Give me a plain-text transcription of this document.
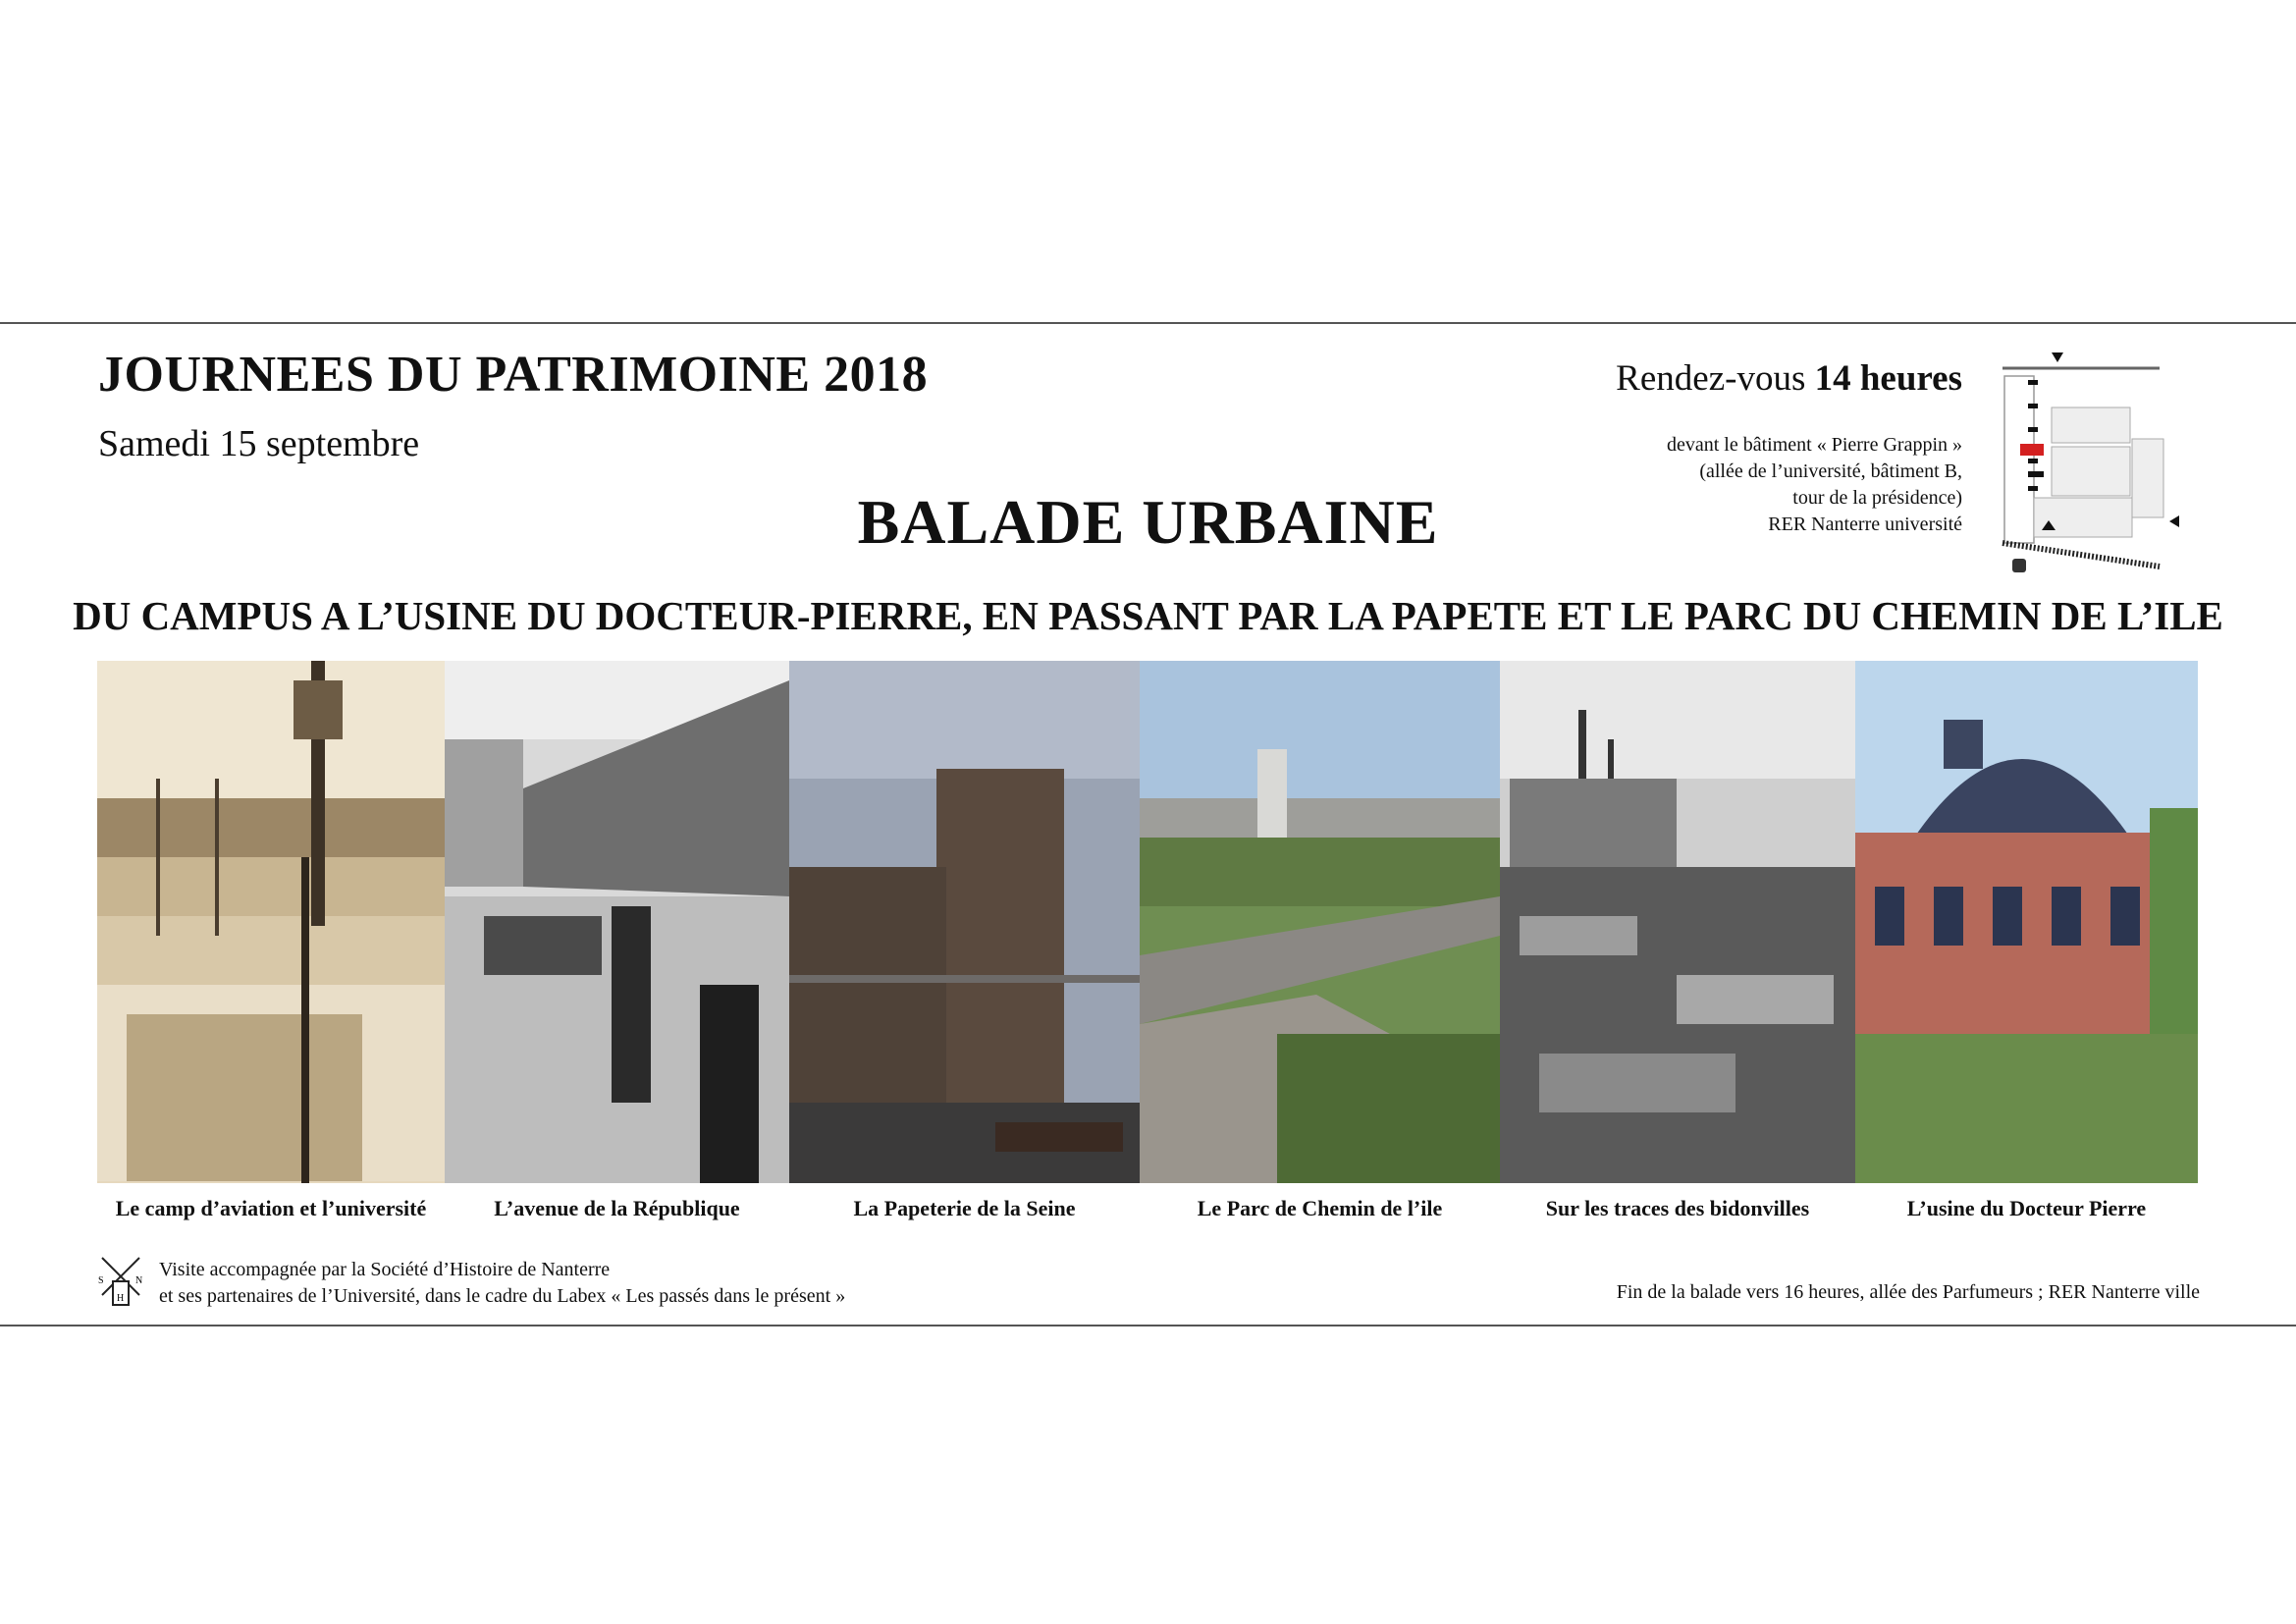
JOURNEES DU PATRIMOINE 2018
Samedi 15 septembre
Rendez-vous 14 heures
devant le bâtiment « Pierre Grappin »
(allée de l’université, bâtiment B,
tour de la présidence)
RER Nanterre université
BALADE URBAINE
DU CAMPUS A L’USINE DU DOCTEUR-PIERRE, EN PASSANT PAR LA PAPETE ET LE PARC DU CHEMIN DE L’ILE
Le camp d’aviation et l’université	L’avenue de la République	La Papeterie de la Seine	Le Parc de Chemin de l’ile	Sur les traces des bidonvilles	L’usine du Docteur Pierre
S	N
H
Visite accompagnée par la Société d’Histoire de Nanterre
et ses partenaires de l’Université, dans le cadre du Labex « Les passés dans le présent »	Fin de la balade vers 16 heures, allée des Parfumeurs ; RER Nanterre ville
